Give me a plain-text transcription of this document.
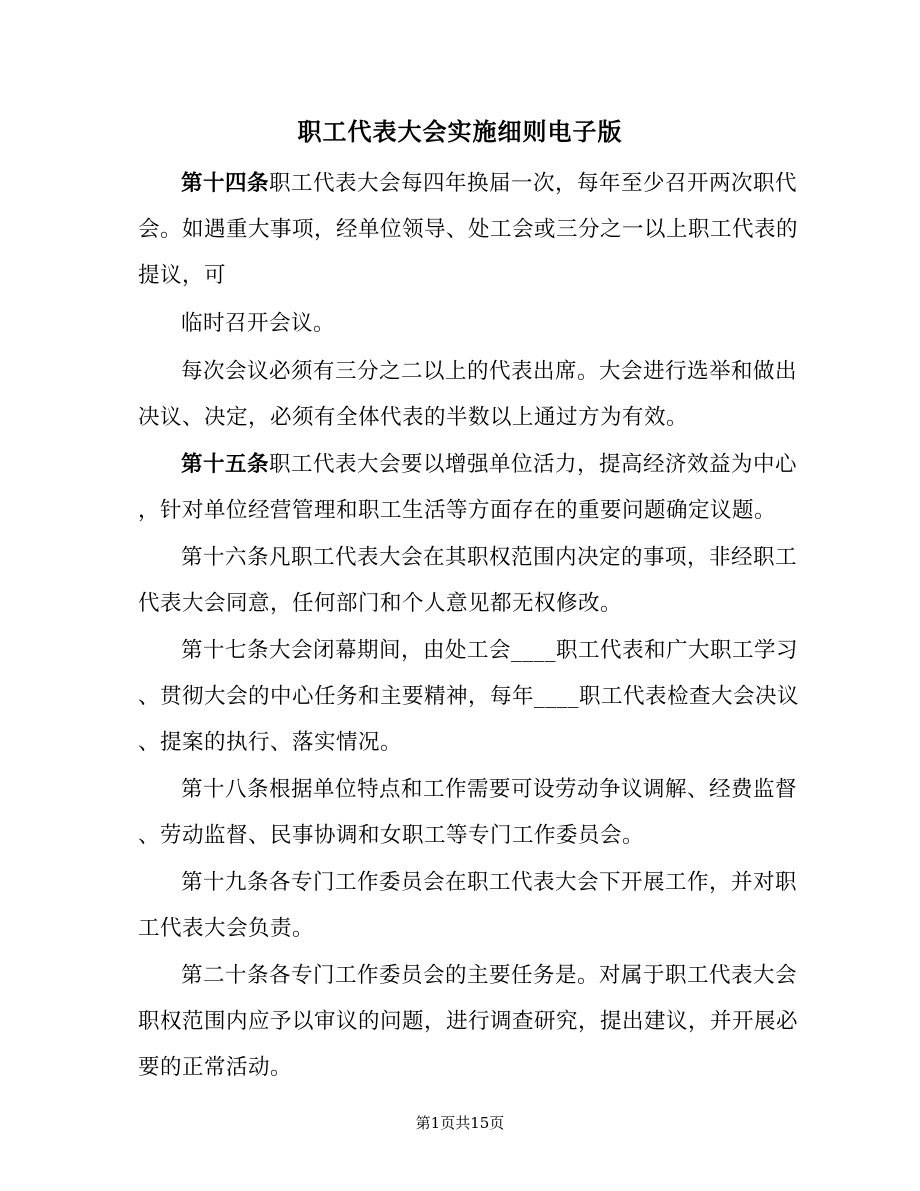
职工代表大会实施细则电子版
第十四条职工代表大会每四年换届一次，每年至少召开两次职代
会。如遇重大事项，经单位领导、处工会或三分之一以上职工代表的
提议，可
临时召开会议。
每次会议必须有三分之二以上的代表出席。大会进行选举和做出
决议、决定，必须有全体代表的半数以上通过方为有效。
第十五条职工代表大会要以增强单位活力，提高经济效益为中心
，针对单位经营管理和职工生活等方面存在的重要问题确定议题。
第十六条凡职工代表大会在其职权范围内决定的事项，非经职工
代表大会同意，任何部门和个人意见都无权修改。
第十七条大会闭幕期间，由处工会____职工代表和广大职工学习
、贯彻大会的中心任务和主要精神，每年____职工代表检查大会决议
、提案的执行、落实情况。
第十八条根据单位特点和工作需要可设劳动争议调解、经费监督
、劳动监督、民事协调和女职工等专门工作委员会。
第十九条各专门工作委员会在职工代表大会下开展工作，并对职
工代表大会负责。
第二十条各专门工作委员会的主要任务是。对属于职工代表大会
职权范围内应予以审议的问题，进行调查研究，提出建议，并开展必
要的正常活动。
第1页共15页
